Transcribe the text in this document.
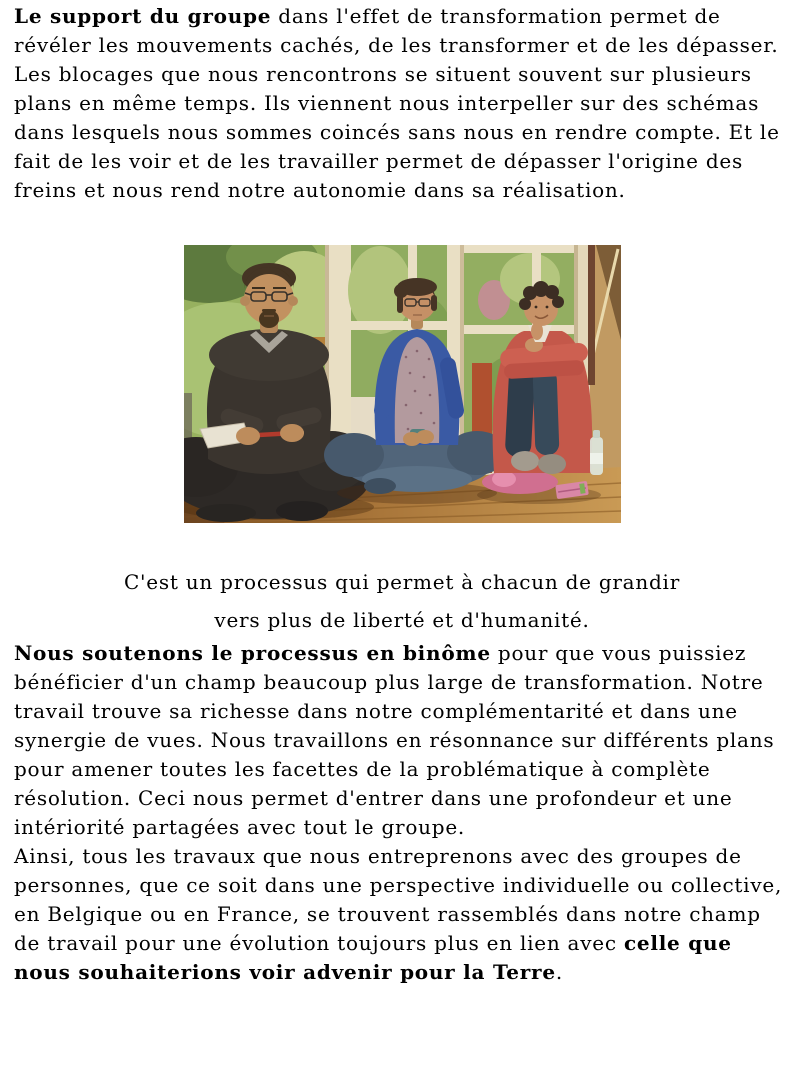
Le support du groupe dans l'effet de transformation permet de révéler les mouvements cachés, de les transformer et de les dépasser. Les blocages que nous rencontrons se situent souvent sur plusieurs plans en même temps. Ils viennent nous interpeller sur des schémas dans lesquels nous sommes coincés sans nous en rendre compte. Et le fait de les voir et de les travailler permet de dépasser l'origine des freins et nous rend notre autonomie dans sa réalisation.

C'est un processus qui permet à chacun de grandir
vers plus de liberté et d'humanité.

Nous soutenons le processus en binôme pour que vous puissiez bénéficier d'un champ beaucoup plus large de transformation. Notre travail trouve sa richesse dans notre complémentarité et dans une synergie de vues. Nous travaillons en résonnance sur différents plans pour amener toutes les facettes de la problématique à complète résolution. Ceci nous permet d'entrer dans une profondeur et une intériorité partagées avec tout le groupe.

Ainsi, tous les travaux que nous entreprenons avec des groupes de personnes, que ce soit dans une perspective individuelle ou collective, en Belgique ou en France, se trouvent rassemblés dans notre champ de travail pour une évolution toujours plus en lien avec celle que nous souhaiterions voir advenir pour la Terre.
